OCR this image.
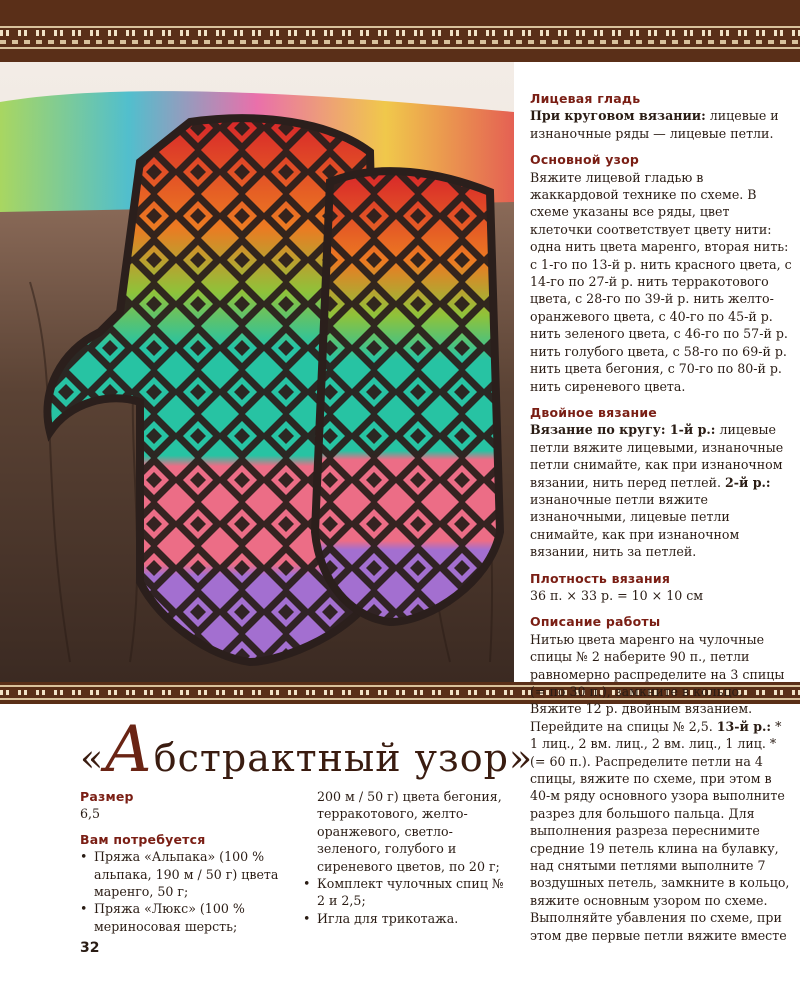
Лицевая гладь

При круговом вязании: лицевые и изнаночные ряды — лицевые петли.

Основной узор

Вяжите лицевой гладью в жаккардовой технике по схеме. В схеме указаны все ряды, цвет клеточки соответствует цвету нити: одна нить цвета маренго, вторая нить: с 1-го по 13-й р. нить красного цвета, с 14-го по 27-й р. нить терракотового цвета, с 28-го по 39-й р. нить желто-оранжевого цвета, с 40-го по 45-й р. нить зеленого цвета, с 46-го по 57-й р. нить голубого цвета, с 58-го по 69-й р. нить цвета бегония, с 70-го по 80-й р. нить сиреневого цвета.

Двойное вязание

Вязание по кругу: 1-й р.: лицевые петли вяжите лицевыми, изнаночные петли снимайте, как при изнаночном вязании, нить перед петлей. 2-й р.: изнаночные петли вяжите изнаночными, лицевые петли снимайте, как при изнаночном вязании, нить за петлей.

Плотность вязания

36 п. × 33 р. = 10 × 10 см

Описание работы

Нитью цвета маренго на чулочные спицы № 2 наберите 90 п., петли равномерно распределите на 3 спицы (= по 30 п.), замкните в кольцо. Вяжите 12 р. двойным вязанием. Перейдите на спицы № 2,5. 13-й р.: * 1 лиц., 2 вм. лиц., 2 вм. лиц., 1 лиц. * (= 60 п.). Распределите петли на 4 спицы, вяжите по схеме, при этом в 40-м ряду основного узора выполните разрез для большого пальца. Для выполнения разреза переснимите средние 19 петель клина на булавку, над снятыми петлями выполните 7 воздушных петель, замкните в кольцо, вяжите основным узором по схеме. Выполняйте убавления по схеме, при этом две первые петли вяжите вместе

«Абстрактный узор»

Размер

6,5

Вам потребуется

• Пряжа «Альпака» (100 % альпака, 190 м / 50 г) цвета маренго, 50 г;
• Пряжа «Люкс» (100 % мериносовая шерсть;

200 м / 50 г) цвета бегония, терракотового, желто-оранжевого, светло-зеленого, голубого и сиреневого цветов, по 20 г;

• Комплект чулочных спиц № 2 и 2,5;
• Игла для трикотажа.
32
